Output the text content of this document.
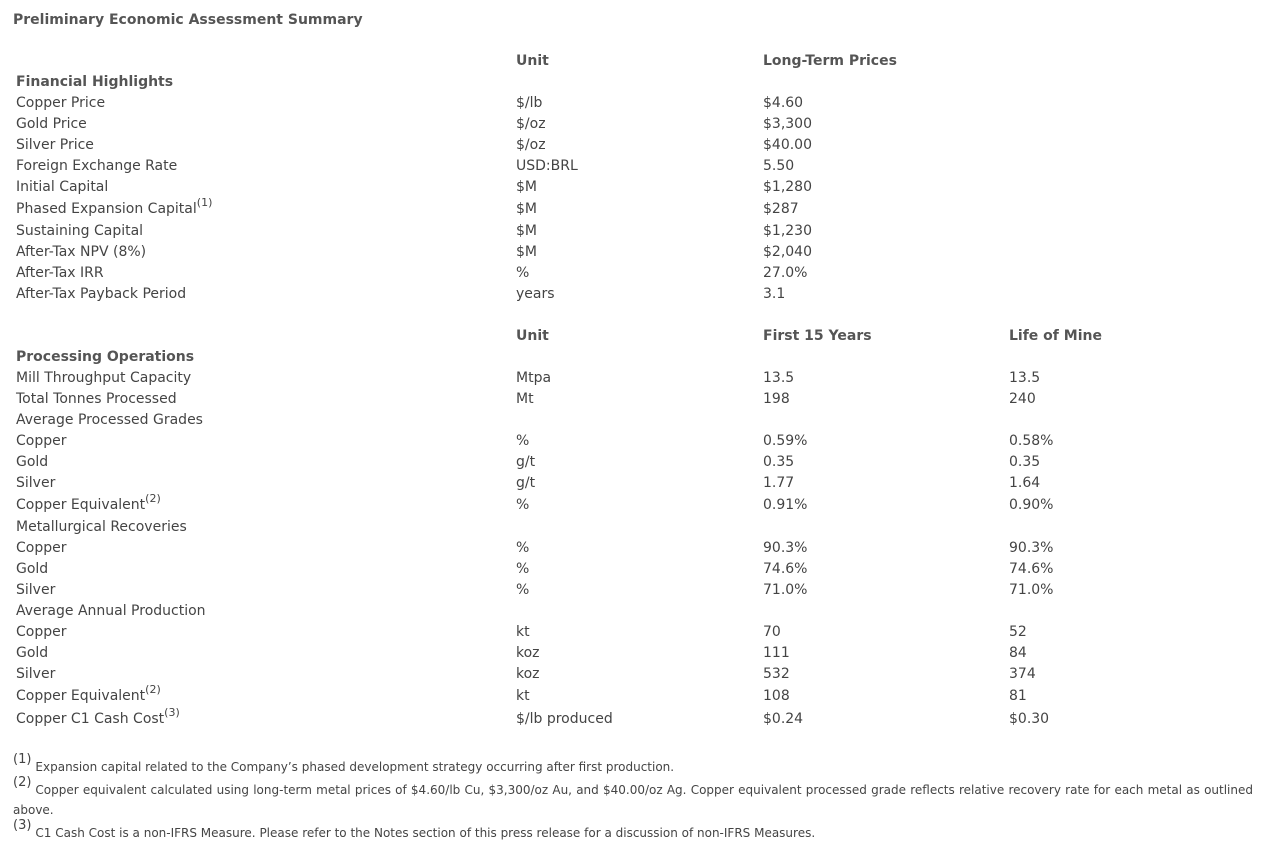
Preliminary Economic Assessment Summary
	Unit	Long-Term Prices	
Financial Highlights			
Copper Price	$/lb	$4.60	
Gold Price	$/oz	$3,300	
Silver Price	$/oz	$40.00	
Foreign Exchange Rate	USD:BRL	5.50	
Initial Capital	$M	$1,280	
Phased Expansion Capital$^{(1)}$	$M	$287	
Sustaining Capital	$M	$1,230	
After-Tax NPV (8%)	$M	$2,040	
After-Tax IRR	%	27.0%	
After-Tax Payback Period	years	3.1	

	Unit	First 15 Years	Life of Mine
Processing Operations			
Mill Throughput Capacity	Mtpa	13.5	13.5
Total Tonnes Processed	Mt	198	240
Average Processed Grades			
Copper	%	0.59%	0.58%
Gold	g/t	0.35	0.35
Silver	g/t	1.77	1.64
Copper Equivalent$^{(2)}$	%	0.91%	0.90%
Metallurgical Recoveries			
Copper	%	90.3%	90.3%
Gold	%	74.6%	74.6%
Silver	%	71.0%	71.0%
Average Annual Production			
Copper	kt	70	52
Gold	koz	111	84
Silver	koz	532	374
Copper Equivalent$^{(2)}$	kt	108	81
Copper C1 Cash Cost$^{(3)}$	$/lb produced	$0.24	$0.30

$^{(1)}$ Expansion capital related to the Company’s phased development strategy occurring after first production.

$^{(2)}$ Copper equivalent calculated using long-term metal prices of $4.60/lb Cu, $3,300/oz Au, and $40.00/oz Ag. Copper equivalent processed grade reflects relative recovery rate for each metal as outlined above.

$^{(3)}$ C1 Cash Cost is a non-IFRS Measure. Please refer to the Notes section of this press release for a discussion of non-IFRS Measures.
